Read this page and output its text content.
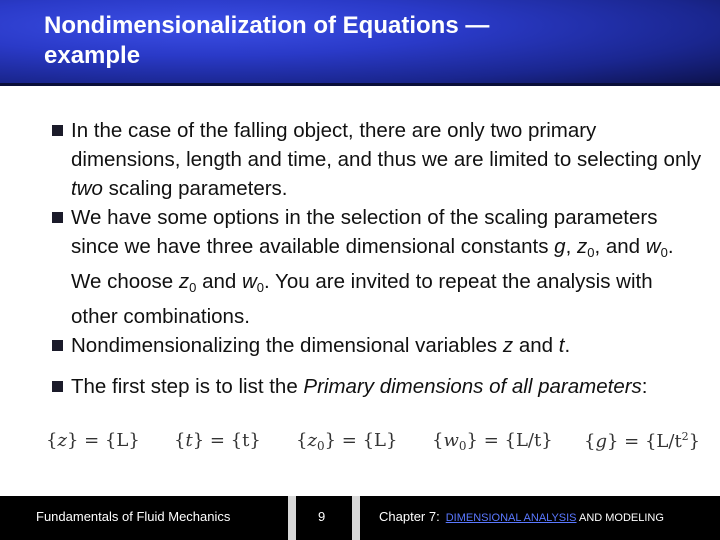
Nondimensionalization of Equations —
example

In the case of the falling object, there are only two primary dimensions, length and time, and thus we are limited to selecting only two scaling parameters.

We have some options in the selection of the scaling parameters since we have three available dimensional constants g, $z_0$, and $w_0$. We choose $z_0$ and $w_0$. You are invited to repeat the analysis with other combinations.

Nondimensionalizing the dimensional variables z and t.

The first step is to list the Primary dimensions of all parameters:

{z} = {L} {t} = {t} $\{z_0\} = \{L\} \{w_0\} = \{L/t\} \{g\} = \{L/t^2\}$
Fundamentals of Fluid Mechanics	9	Chapter 7: DIMENSIONAL ANALYSIS AND MODELING
